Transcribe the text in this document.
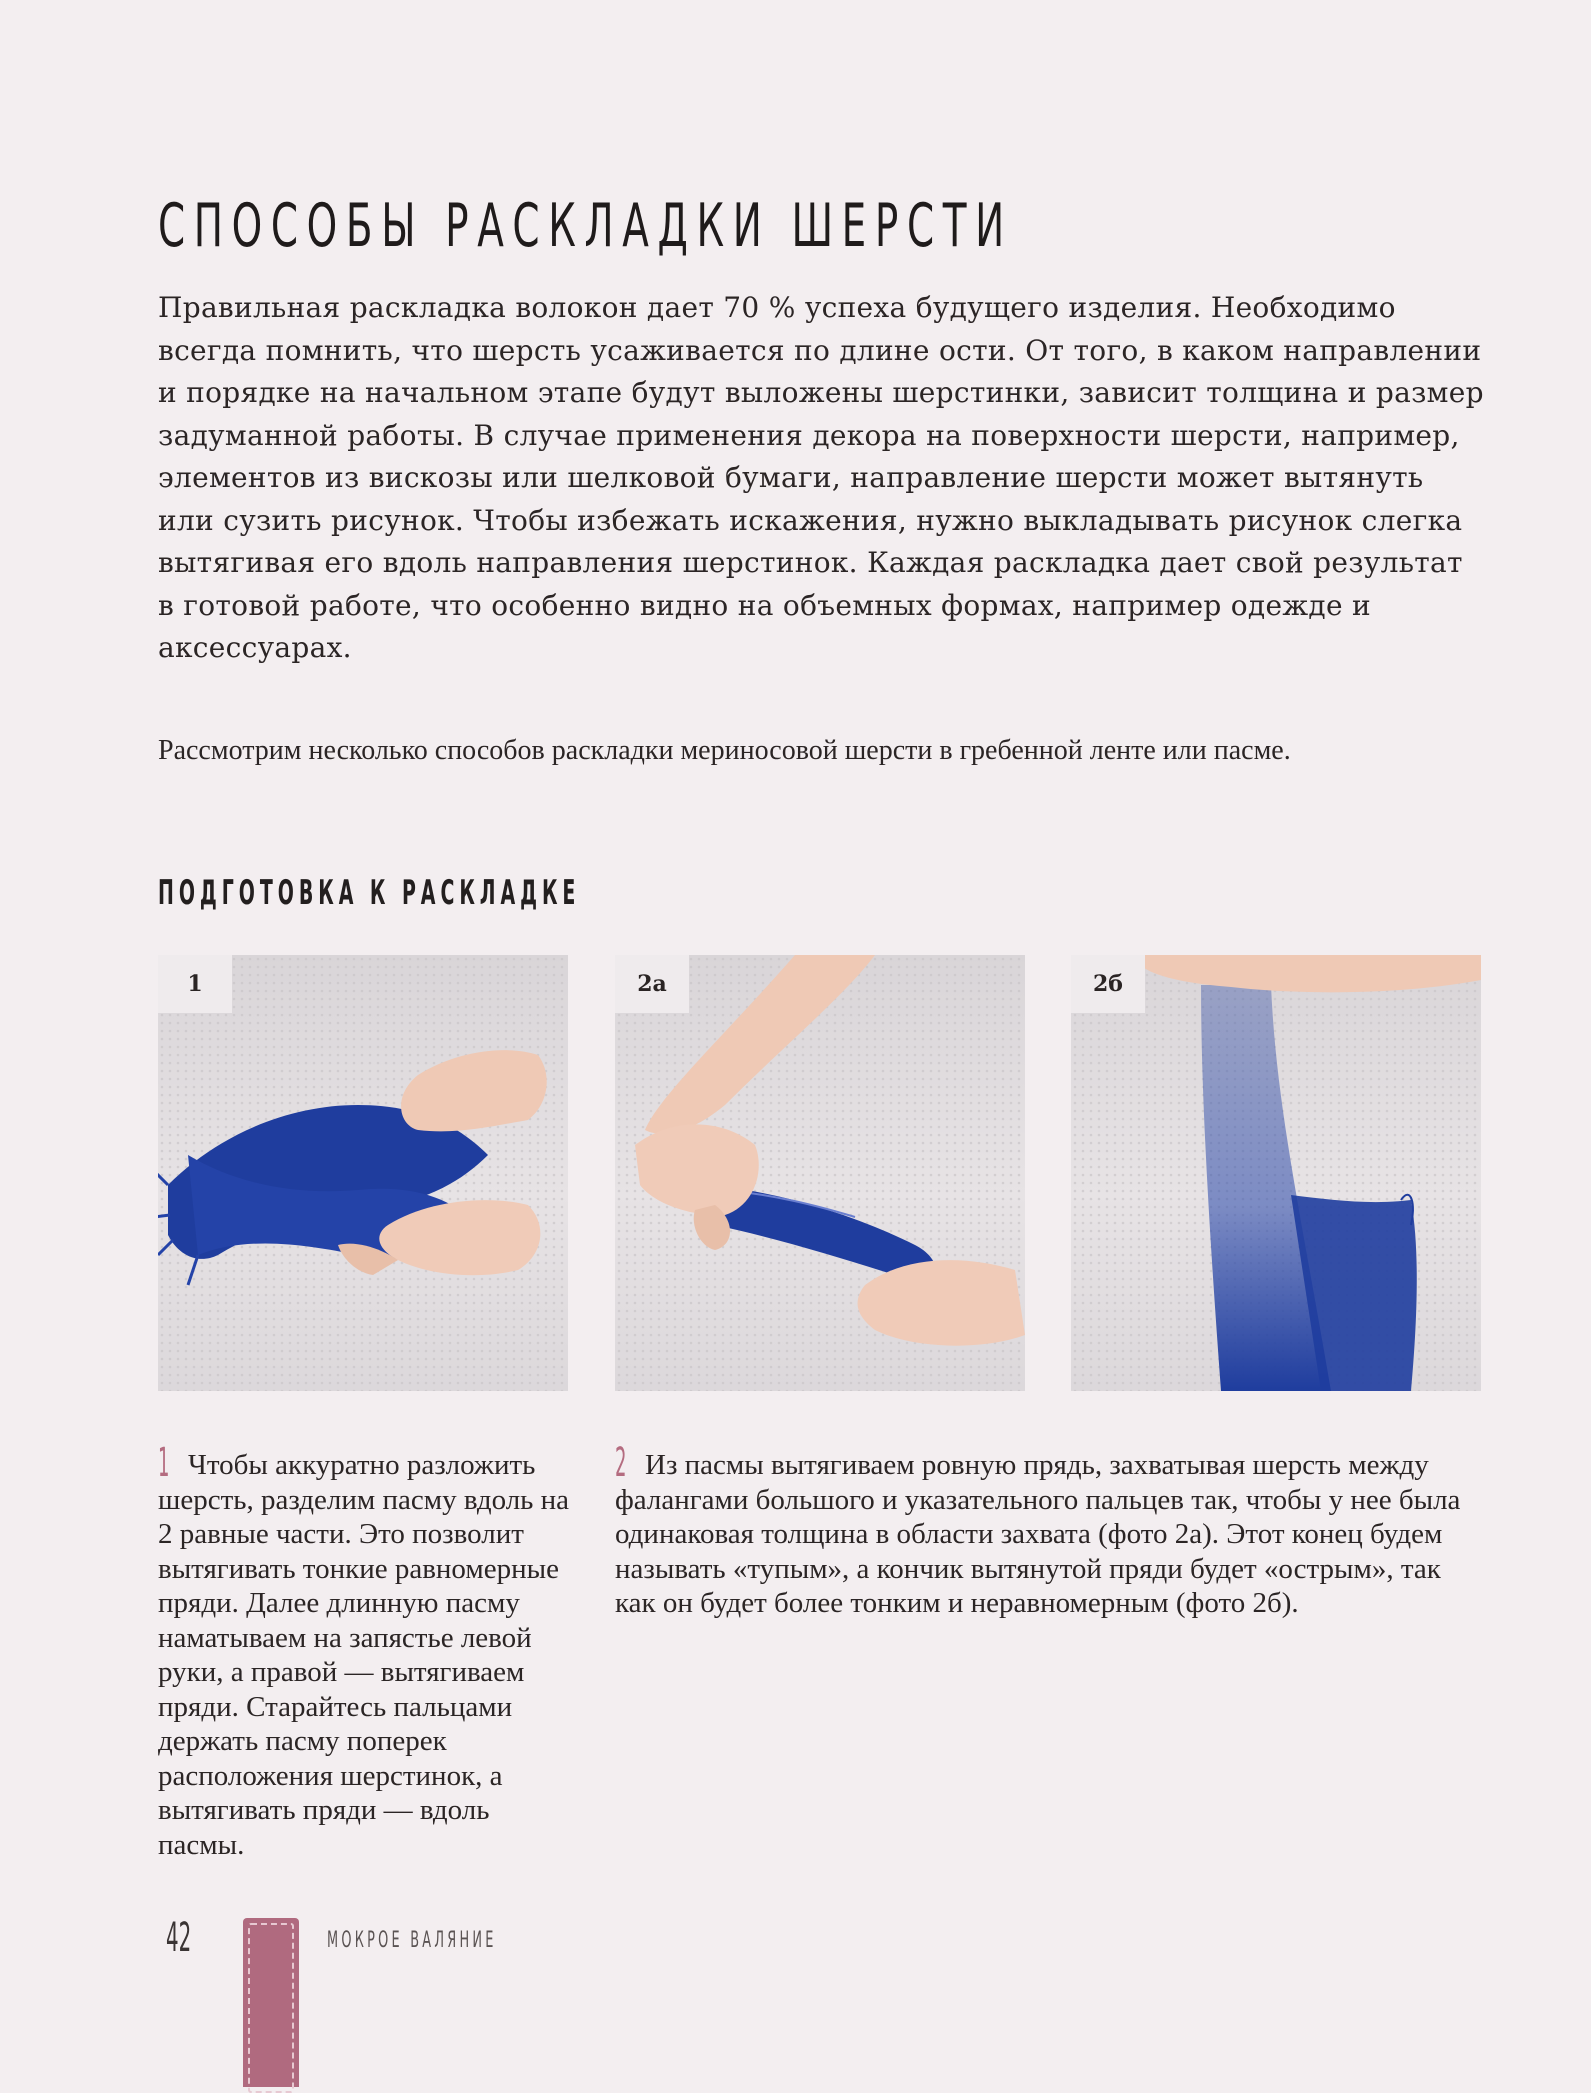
СПОСОБЫ РАСКЛАДКИ ШЕРСТИ

Правильная раскладка волокон дает 70 % успеха будущего изделия. Необходимо всегда помнить, что шерсть усаживается по длине ости. От того, в каком направлении и порядке на начальном этапе будут выложены шерстинки, зависит толщина и размер задуманной работы. В случае применения декора на поверхности шерсти, например, элементов из вискозы или шелковой бумаги, направление шерсти может вытянуть или сузить рисунок. Чтобы избежать искажения, нужно выкладывать рисунок слегка вытягивая его вдоль направления шерстинок. Каждая раскладка дает свой результат в готовой работе, что особенно видно на объемных формах, например одежде и аксессуарах.

Рассмотрим несколько способов раскладки мериносовой шерсти в гребенной ленте или пасме.

ПОДГОТОВКА К РАСКЛАДКЕ
1	2а	2б

1 Чтобы аккуратно разложить шерсть, разделим пасму вдоль на 2 равные части. Это позволит вытягивать тонкие равномерные пряди. Далее длинную пасму наматываем на запястье левой руки, а правой — вытягиваем пряди. Старайтесь пальцами держать пасму поперек расположения шерстинок, а вытягивать пряди — вдоль пасмы.

2 Из пасмы вытягиваем ровную прядь, захватывая шерсть между фалангами большого и указательного пальцев так, чтобы у нее была одинаковая толщина в области захвата (фото 2а). Этот конец будем называть «тупым», а кончик вытянутой пряди будет «острым», так как он будет более тонким и неравномерным (фото 2б).

42	МОКРОЕ ВАЛЯНИЕ
